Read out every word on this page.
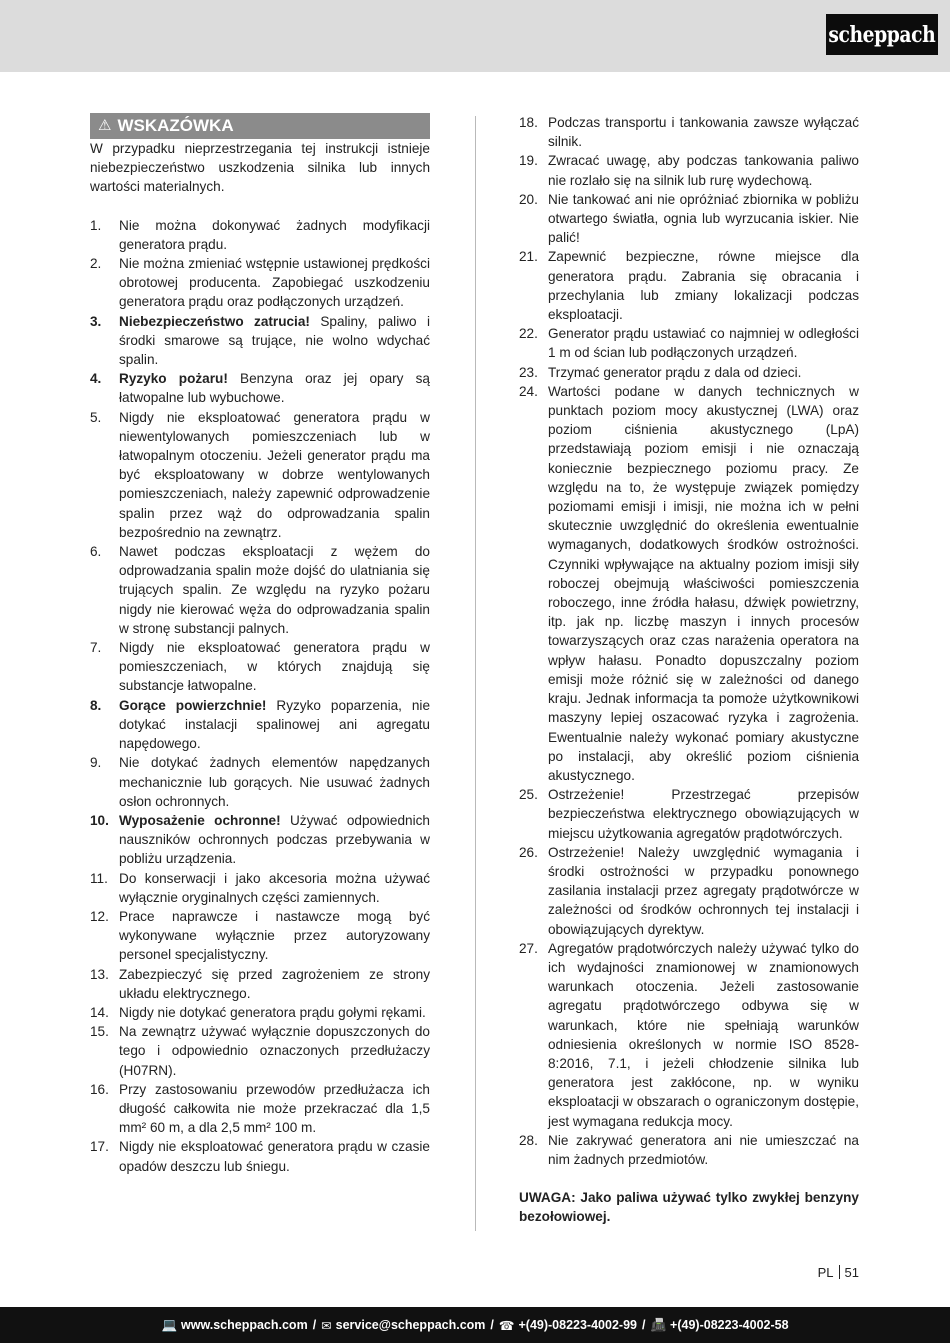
scheppach
⚠ WSKAZÓWKA

W przypadku nieprzestrzegania tej instrukcji istnieje niebezpieczeństwo uszkodzenia silnika lub innych wartości materialnych.

1. Nie można dokonywać żadnych modyfikacji generatora prądu.
2. Nie można zmieniać wstępnie ustawionej prędkości obrotowej producenta. Zapobiegać uszkodzeniu generatora prądu oraz podłączonych urządzeń.
3. Niebezpieczeństwo zatrucia! Spaliny, paliwo i środki smarowe są trujące, nie wolno wdychać spalin.
4. Ryzyko pożaru! Benzyna oraz jej opary są łatwopalne lub wybuchowe.
5. Nigdy nie eksploatować generatora prądu w niewentylowanych pomieszczeniach lub w łatwopalnym otoczeniu. Jeżeli generator prądu ma być eksploatowany w dobrze wentylowanych pomieszczeniach, należy zapewnić odprowadzenie spalin przez wąż do odprowadzania spalin bezpośrednio na zewnątrz.
6. Nawet podczas eksploatacji z wężem do odprowadzania spalin może dojść do ulatniania się trujących spalin. Ze względu na ryzyko pożaru nigdy nie kierować węża do odprowadzania spalin w stronę substancji palnych.
7. Nigdy nie eksploatować generatora prądu w pomieszczeniach, w których znajdują się substancje łatwopalne.
8. Gorące powierzchnie! Ryzyko poparzenia, nie dotykać instalacji spalinowej ani agregatu napędowego.
9. Nie dotykać żadnych elementów napędzanych mechanicznie lub gorących. Nie usuwać żadnych osłon ochronnych.
10. Wyposażenie ochronne! Używać odpowiednich nauszników ochronnych podczas przebywania w pobliżu urządzenia.
11. Do konserwacji i jako akcesoria można używać wyłącznie oryginalnych części zamiennych.
12. Prace naprawcze i nastawcze mogą być wykonywane wyłącznie przez autoryzowany personel specjalistyczny.
13. Zabezpieczyć się przed zagrożeniem ze strony układu elektrycznego.
14. Nigdy nie dotykać generatora prądu gołymi rękami.
15. Na zewnątrz używać wyłącznie dopuszczonych do tego i odpowiednio oznaczonych przedłużaczy (H07RN).
16. Przy zastosowaniu przewodów przedłużacza ich długość całkowita nie może przekraczać dla 1,5 mm² 60 m, a dla 2,5 mm² 100 m.
17. Nigdy nie eksploatować generatora prądu w czasie opadów deszczu lub śniegu.
18. Podczas transportu i tankowania zawsze wyłączać silnik.
19. Zwracać uwagę, aby podczas tankowania paliwo nie rozlało się na silnik lub rurę wydechową.
20. Nie tankować ani nie opróżniać zbiornika w pobliżu otwartego światła, ognia lub wyrzucania iskier. Nie palić!
21. Zapewnić bezpieczne, równe miejsce dla generatora prądu. Zabrania się obracania i przechylania lub zmiany lokalizacji podczas eksploatacji.
22. Generator prądu ustawiać co najmniej w odległości 1 m od ścian lub podłączonych urządzeń.
23. Trzymać generator prądu z dala od dzieci.
24. Wartości podane w danych technicznych w punktach poziom mocy akustycznej (LWA) oraz poziom ciśnienia akustycznego (LpA) przedstawiają poziom emisji i nie oznaczają koniecznie bezpiecznego poziomu pracy. Ze względu na to, że występuje związek pomiędzy poziomami emisji i imisji, nie można ich w pełni skutecznie uwzględnić do określenia ewentualnie wymaganych, dodatkowych środków ostrożności. Czynniki wpływające na aktualny poziom imisji siły roboczej obejmują właściwości pomieszczenia roboczego, inne źródła hałasu, dźwięk powietrzny, itp. jak np. liczbę maszyn i innych procesów towarzyszących oraz czas narażenia operatora na wpływ hałasu. Ponadto dopuszczalny poziom emisji może różnić się w zależności od danego kraju. Jednak informacja ta pomoże użytkownikowi maszyny lepiej oszacować ryzyka i zagrożenia. Ewentualnie należy wykonać pomiary akustyczne po instalacji, aby określić poziom ciśnienia akustycznego.
25. Ostrzeżenie! Przestrzegać przepisów bezpieczeństwa elektrycznego obowiązujących w miejscu użytkowania agregatów prądotwórczych.
26. Ostrzeżenie! Należy uwzględnić wymagania i środki ostrożności w przypadku ponownego zasilania instalacji przez agregaty prądotwórcze w zależności od środków ochronnych tej instalacji i obowiązujących dyrektyw.
27. Agregatów prądotwórczych należy używać tylko do ich wydajności znamionowej w znamionowych warunkach otoczenia. Jeżeli zastosowanie agregatu prądotwórczego odbywa się w warunkach, które nie spełniają warunków odniesienia określonych w normie ISO 8528-8:2016, 7.1, i jeżeli chłodzenie silnika lub generatora jest zakłócone, np. w wyniku eksploatacji w obszarach o ograniczonym dostępie, jest wymagana redukcja mocy.
28. Nie zakrywać generatora ani nie umieszczać na nim żadnych przedmiotów.

UWAGA: Jako paliwa używać tylko zwykłej benzyny bezołowiowej.

PL 51
💻 www.scheppach.com / ✉ service@scheppach.com / ☎ +(49)-08223-4002-99 / 📠 +(49)-08223-4002-58
